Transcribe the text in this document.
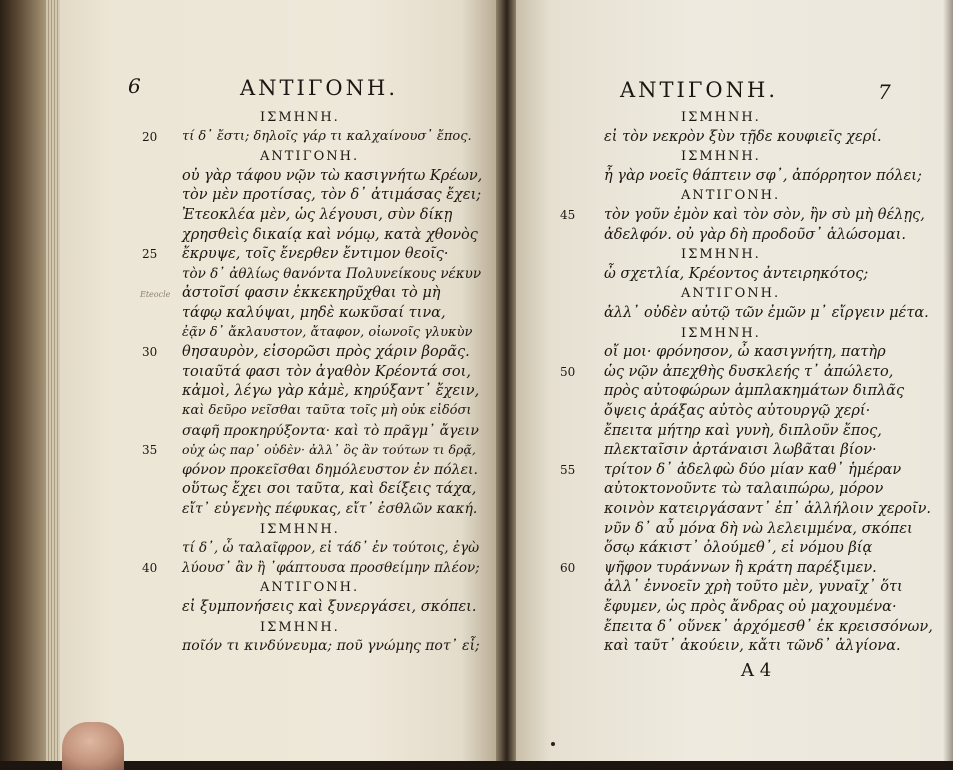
6	ΑΝΤΙΓΟΝΗ.
Eteocle
ΙΣΜΗΝΗ.
τί δ᾽ ἔστι; δηλοῖς γάρ τι καλχαίνουσ᾽ ἔπος.
20
ΑΝΤΙΓΟΝΗ.
οὐ γὰρ τάφου νῷν τὼ κασιγνήτω Κρέων,
τὸν μὲν προτίσας, τὸν δ᾽ ἀτιμάσας ἔχει;
Ἐτεοκλέα μὲν, ὡς λέγουσι, σὺν δίκῃ
χρησθεὶς δικαίᾳ καὶ νόμῳ, κατὰ χθονὸς
ἔκρυψε, τοῖς ἔνερθεν ἔντιμον θεοῖς·
25
τὸν δ᾽ ἀθλίως θανόντα Πολυνείκους νέκυν
ἀστοῖσί φασιν ἐκκεκηρῦχθαι τὸ μὴ
τάφῳ καλύψαι, μηδὲ κωκῦσαί τινα,
ἐᾷν δ᾽ ἄκλαυστον, ἄταφον, οἰωνοῖς γλυκὺν
θησαυρὸν, εἰσορῶσι πρὸς χάριν βορᾶς.
30
τοιαῦτά φασι τὸν ἀγαθὸν Κρέοντά σοι,
κἀμοὶ, λέγω γὰρ κἀμὲ, κηρύξαντ᾽ ἔχειν,
καὶ δεῦρο νεῖσθαι ταῦτα τοῖς μὴ οὐκ εἰδόσι
σαφῆ προκηρύξοντα· καὶ τὸ πρᾶγμ᾽ ἄγειν
οὐχ ὡς παρ᾽ οὐδὲν· ἀλλ᾽ ὃς ἂν τούτων τι δρᾷ,
35
φόνον προκεῖσθαι δημόλευστον ἐν πόλει.
οὕτως ἔχει σοι ταῦτα, καὶ δείξεις τάχα,
εἴτ᾽ εὐγενὴς πέφυκας, εἴτ᾽ ἐσθλῶν κακή.
ΙΣΜΗΝΗ.
τί δ᾽, ὦ ταλαῖφρον, εἰ τάδ᾽ ἐν τούτοις, ἐγὼ
λύουσ᾽ ἂν ἢ ᾽φάπτουσα προσθείμην πλέον;
40
ΑΝΤΙΓΟΝΗ.
εἰ ξυμπονήσεις καὶ ξυνεργάσει, σκόπει.
ΙΣΜΗΝΗ.
ποῖόν τι κινδύνευμα; ποῦ γνώμης ποτ᾽ εἶ;
ΑΝΤΙΓΟΝΗ.	7
A 4
ΙΣΜΗΝΗ.
εἰ τὸν νεκρὸν ξὺν τῇδε κουφιεῖς χερί.
ΙΣΜΗΝΗ.
ἦ γὰρ νοεῖς θάπτειν σφ᾽, ἀπόρρητον πόλει;
ΑΝΤΙΓΟΝΗ.
τὸν γοῦν ἐμὸν καὶ τὸν σὸν, ἢν σὺ μὴ θέλῃς,
45
ἀδελφόν. οὐ γὰρ δὴ προδοῦσ᾽ ἁλώσομαι.
ΙΣΜΗΝΗ.
ὦ σχετλία, Κρέοντος ἀντειρηκότος;
ΑΝΤΙΓΟΝΗ.
ἀλλ᾽ οὐδὲν αὐτῷ τῶν ἐμῶν μ᾽ εἴργειν μέτα.
ΙΣΜΗΝΗ.
οἴ μοι· φρόνησον, ὦ κασιγνήτη, πατὴρ
ὡς νῷν ἀπεχθὴς δυσκλεής τ᾽ ἀπώλετο,
50
πρὸς αὐτοφώρων ἀμπλακημάτων διπλᾶς
ὄψεις ἀράξας αὐτὸς αὐτουργῷ χερί·
ἔπειτα μήτηρ καὶ γυνὴ, διπλοῦν ἔπος,
πλεκταῖσιν ἀρτάναισι λωβᾶται βίον·
τρίτον δ᾽ ἀδελφὼ δύο μίαν καθ᾽ ἡμέραν
55
αὐτοκτονοῦντε τὼ ταλαιπώρω, μόρον
κοινὸν κατειργάσαντ᾽ ἐπ᾽ ἀλλήλοιν χεροῖν.
νῦν δ᾽ αὖ μόνα δὴ νὼ λελειμμένα, σκόπει
ὅσῳ κάκιστ᾽ ὀλούμεθ᾽, εἰ νόμου βίᾳ
ψῆφον τυράννων ἢ κράτη παρέξιμεν.
60
ἀλλ᾽ ἐννοεῖν χρὴ τοῦτο μὲν, γυναῖχ᾽ ὅτι
ἔφυμεν, ὡς πρὸς ἄνδρας οὐ μαχουμένα·
ἔπειτα δ᾽ οὕνεκ᾽ ἀρχόμεσθ᾽ ἐκ κρεισσόνων,
καὶ ταῦτ᾽ ἀκούειν, κἄτι τῶνδ᾽ ἀλγίονα.
